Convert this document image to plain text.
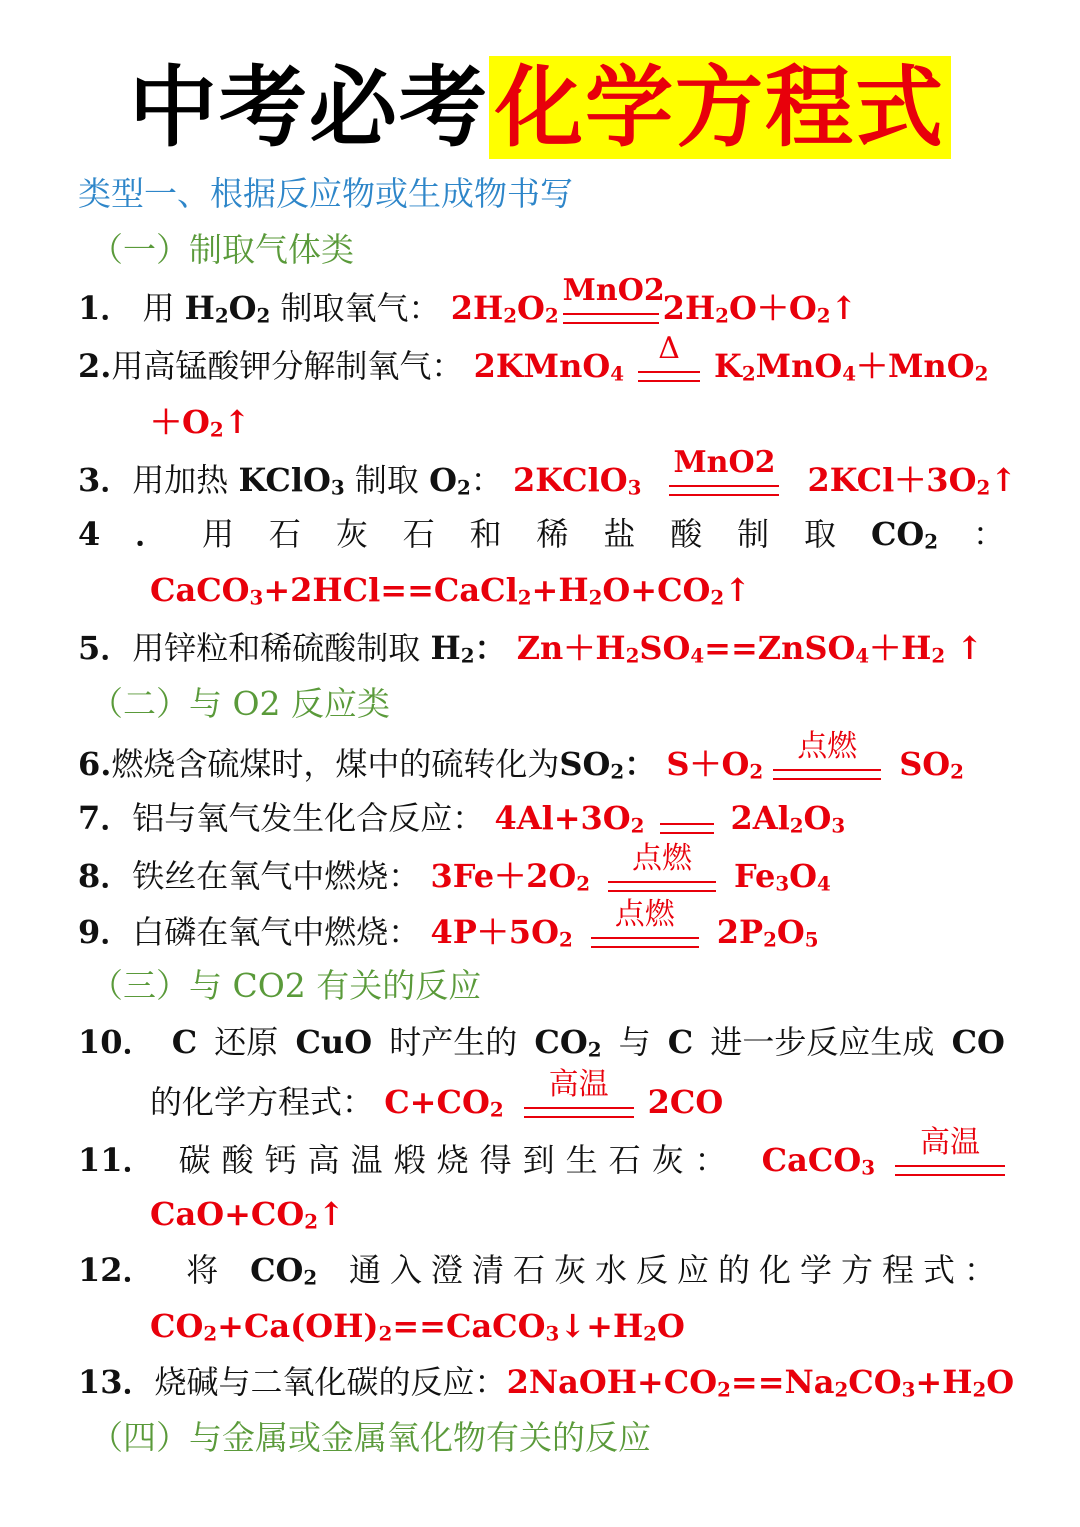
中考必考化学方程式
类型一、根据反应物或生成物书写
（一）制取气体类
1． 用 $H_2O_2$ 制取氧气： $2H_2O_2$
MnO2
$2H_2O+O_2↑$
2.用高锰酸钾分解制氧气： 2KMnO$_4$
Δ	$K_2MnO_4+MnO_2$
$+O_2↑$
3．用加热 KClO$_3$ 制取 $O_2$： 2KClO$_3$
MnO2 $2KCl+3O_2↑$
4 ． 用 石 灰 石 和 稀 盐 酸 制 取 $CO_2$ ：
$CaCO_3+2HCl==CaCl_2+H_2O+CO_2↑$
5．用锌粒和稀硫酸制取 $H_2$： $Zn+H_2SO_4==ZnSO_4+H_2$ ↑
（二）与 O2 反应类
6.燃烧含硫煤时，煤中的硫转化为$SO_2$： $S+O_2$
点燃	$SO_2$
7．铝与氧气发生化合反应： $4Al+3O_2$	$2Al_2O_3$
8．铁丝在氧气中燃烧： $3Fe+2O_2$
点燃	$Fe_3O_4$
9．白磷在氧气中燃烧： $4P+5O_2$
点燃	$2P_2O_5$
（三）与 CO2 有关的反应
10． C 还原 CuO 时产生的 $CO_2$ 与 C 进一步反应生成 CO
的化学方程式： $C+CO_2$
高温	2CO
11． 碳酸钙高温煅烧得到生石灰： CaCO$_3$
高温
$CaO+CO_2↑$
12． 将 $CO_2$ 通入澄清石灰水反应的化学方程式：
$CO_2+Ca(OH)_2==CaCO_3↓+H_2O$
13．烧碱与二氧化碳的反应：$2NaOH+CO_2==Na_2CO_3+H_2O$
（四）与金属或金属氧化物有关的反应
